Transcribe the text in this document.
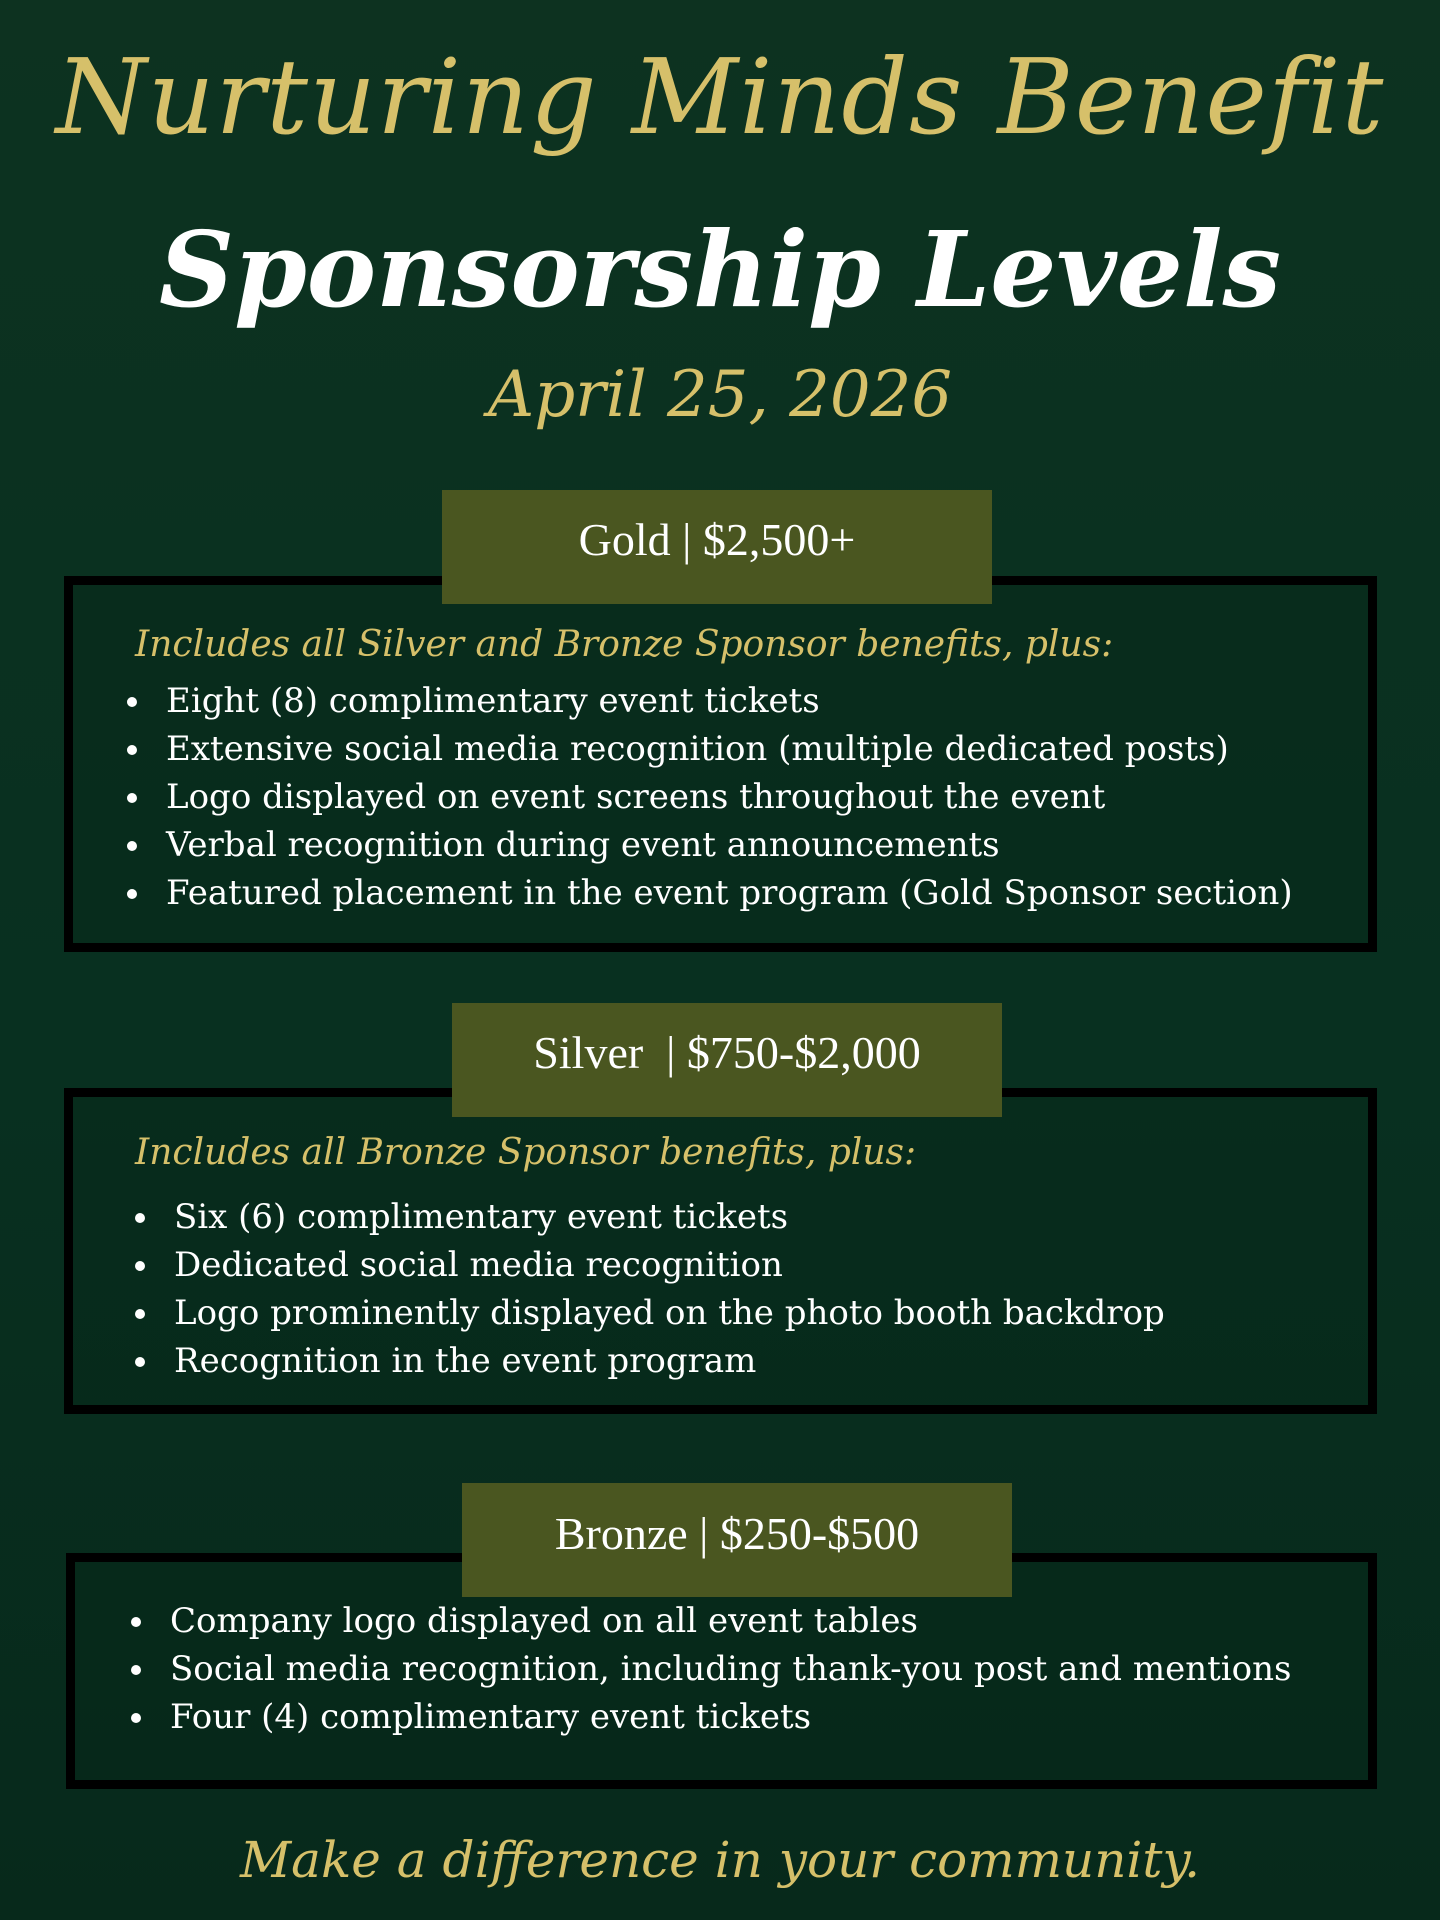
Nurturing Minds Benefit
Sponsorship Levels
April 25, 2026
Gold | $2,500+
Includes all Silver and Bronze Sponsor benefits, plus:
Eight (8) complimentary event tickets
Extensive social media recognition (multiple dedicated posts)
Logo displayed on event screens throughout the event
Verbal recognition during event announcements
Featured placement in the event program (Gold Sponsor section)
Silver  | $750-$2,000
Includes all Bronze Sponsor benefits, plus:
Six (6) complimentary event tickets
Dedicated social media recognition
Logo prominently displayed on the photo booth backdrop
Recognition in the event program
Bronze | $250-$500
Company logo displayed on all event tables
Social media recognition, including thank-you post and mentions
Four (4) complimentary event tickets
Make a difference in your community.
